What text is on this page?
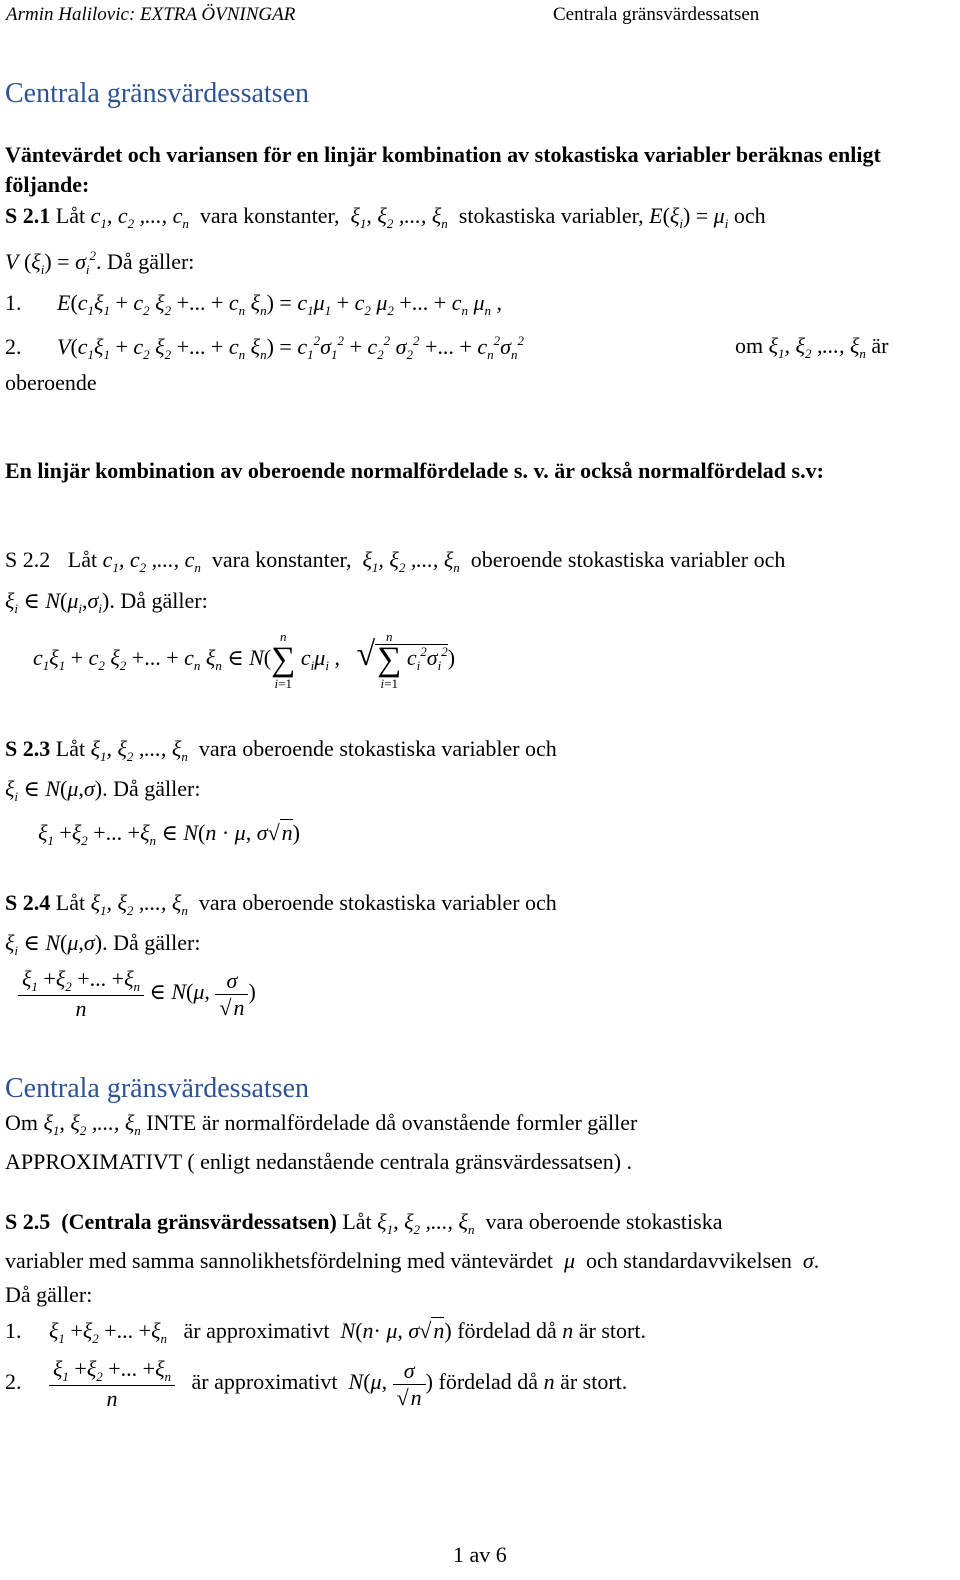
Armin Halilovic: EXTRA ÖVNINGAR	Centrala gränsvärdessatsen
Centrala gränsvärdessatsen
Väntevärdet och variansen för en linjär kombination av stokastiska variabler beräknas enligt följande:
S 2.1 Låt $c_1$, $c_2$ ,..., $c_n$ vara konstanter, $\xi_1$, $\xi_2$ ,..., $\xi_n$ stokastiska variabler, $E(\xi_i) = \mu_i$ och
V $(\xi_i) = \sigma_i^2$. Då gäller:
1. $E(c_1\xi_1 + c_2$ $\xi_2$ +... + $c_n$ $\xi_n) = c_1\mu_1 + c_2$ $\mu_2$ +... + $c_n$ $\mu_n$ ,
2. $V(c_1\xi_1 + c_2$ $\xi_2$ +... + $c_n$ $\xi_n) = c_1^2\sigma_1^2 + c_2^2$ $\sigma_2^2$ +... + $c_n^2\sigma_n^2$	om $\xi_1$, $\xi_2$ ,..., $\xi_n$ är
oberoende
En linjär kombination av oberoende normalfördelade s. v. är också normalfördelad s.v:
S 2.2 Låt $c_1$, $c_2$ ,..., $c_n$ vara konstanter, $\xi_1$, $\xi_2$ ,..., $\xi_n$ oberoende stokastiska variabler och
$\xi_i$ ∈ $N(\mu_i,\sigma_i)$. Då gäller:
$c_1\xi_1 + c_2$ $\xi_2$ +... + $c_n$ $\xi_n$ ∈ N(
n
∑
i=1
$c_i\mu_i$ , √ n
∑
i=1
$c_i^2\sigma_i^2$)
S 2.3 Låt $\xi_1$, $\xi_2$ ,..., $\xi_n$ vara oberoende stokastiska variabler och
$\xi_i$ ∈ N(μ,σ). Då gäller:
$\xi_1 +\xi_2$ +... $+\xi_n$ ∈ N(n · μ, σ√n)
S 2.4 Låt $\xi_1$, $\xi_2$ ,..., $\xi_n$ vara oberoende stokastiska variabler och
$\xi_i$ ∈ N(μ,σ). Då gäller:
$\frac{\xi_1 +\xi_2 +... +\xi_n}{n}$ ∈ N(μ, $\frac{\sigma}{√n}$ )
Centrala gränsvärdessatsen
Om $\xi_1$, $\xi_2$ ,..., $\xi_n$ INTE är normalfördelade då ovanstående formler gäller
APPROXIMATIVT ( enligt nedanstående centrala gränsvärdessatsen) .
S 2.5 (Centrala gränsvärdessatsen) Låt $\xi_1$, $\xi_2$ ,..., $\xi_n$ vara oberoende stokastiska
variabler med samma sannolikhetsfördelning med väntevärdet  μ  och standardavvikelsen  σ.
Då gäller:
1. $\xi_1 +\xi_2$ +... $+\xi_n$ är approximativt N(n· μ, σ√n) fördelad då n är stort.
2. $\frac{\xi_1 +\xi_2 +... +\xi_n}{n}$ är approximativt N(μ, $\frac{\sigma}{√n}$ ) fördelad då n är stort.
1 av 6
